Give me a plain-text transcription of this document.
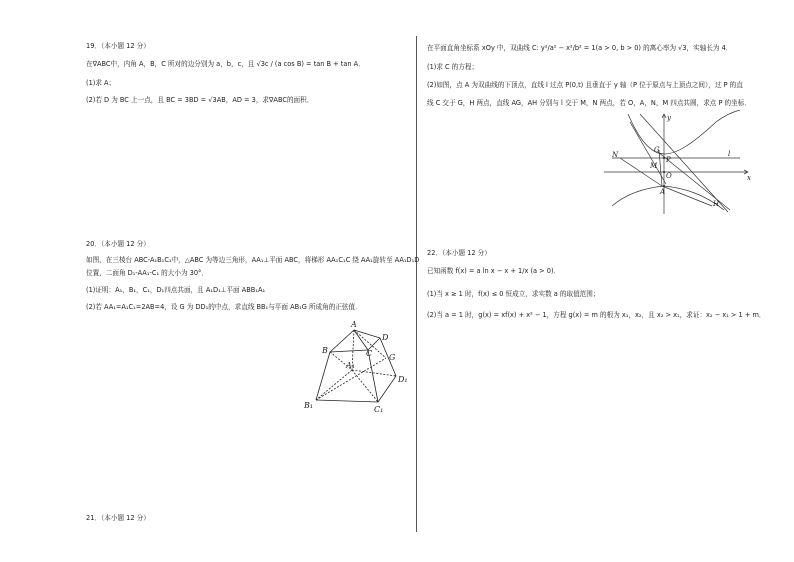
19．（本小题 12 分）
在∇ABC中，内角 A，B，C 所对的边分别为 a，b，c，且 √3c / (a cos B) = tan B + tan A．
(1)求 A；
(2)若 D 为 BC 上一点，且 BC = 3BD = √3AB，AD = 3，求∇ABC的面积．
20．（本小题 12 分）
如图，在三棱台 ABC-A₁B₁C₁中，△ABC 为等边三角形，AA₁⊥平面 ABC，将梯形 AA₁C₁C 绕 AA₁旋转至 AA₁D₁D
位置，二面角 D₁-AA₁-C₁ 的大小为 30°．
(1)证明：A₁，B₁，C₁，D₁四点共面，且 A₁D₁⊥平面 ABB₁A₁
(2)若 AA₁=A₁C₁=2AB=4，设 G 为 DD₁的中点，求直线 BB₁与平面 AB₁G 所成角的正弦值．
21．（本小题 12 分）
A
B	C
D
G
A₁
B₁	C₁
D₁
在平面直角坐标系 xOy 中，双曲线 C: y²/a² − x²/b² = 1(a > 0, b > 0) 的离心率为 √3，实轴长为 4．
(1)求 C 的方程；
(2)如图，点 A 为双曲线的下顶点，直线 l 过点 P(0,t) 且垂直于 y 轴（P 位于原点与上顶点之间），过 P 的直
线 C 交于 G，H 两点，直线 AG，AH 分别与 l 交于 M，N 两点，若 O，A，N，M 四点共圆，求点 P 的坐标．
22．（本小题 12 分）
已知函数 f(x) = a ln x − x + 1/x (a > 0)．
(1)当 x ≥ 1 时，f(x) ≤ 0 恒成立，求实数 a 的取值范围；
(2)当 a = 1 时，g(x) = xf(x) + x² − 1，方程 g(x) = m 的根为 x₁，x₂，且 x₂ > x₁，求证：x₂ − x₁ > 1 + m．
y
x
G
P
M
N
O
A
H
l
